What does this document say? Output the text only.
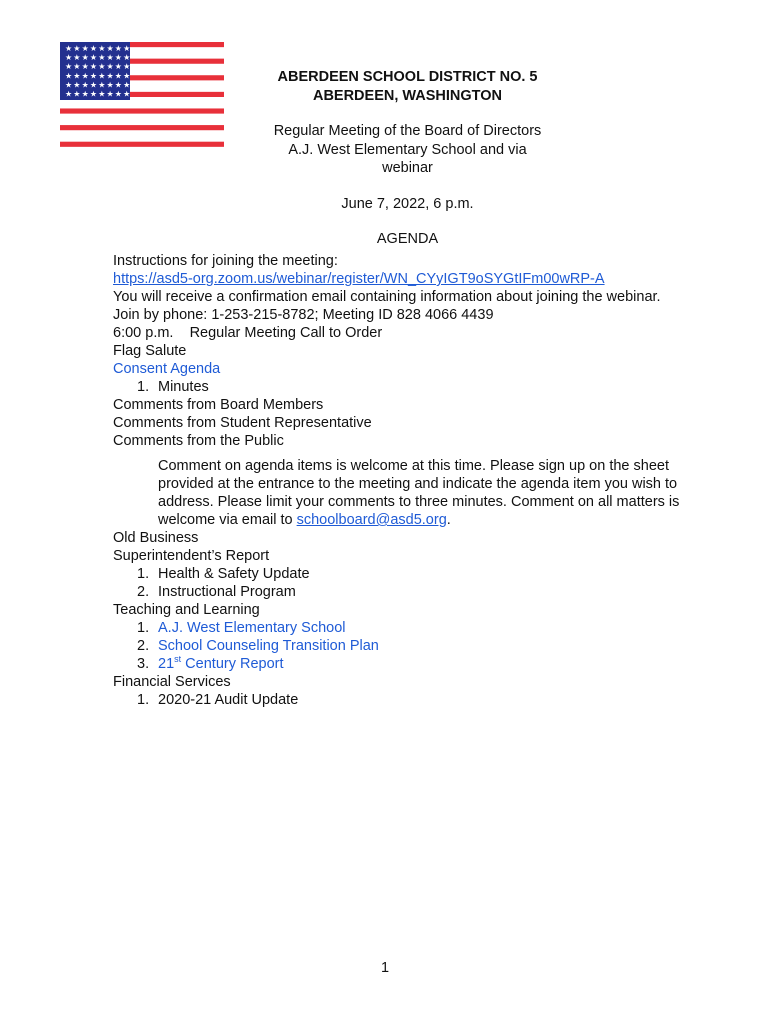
★ ★ ★ ★ ★ ★ ★ ★
★ ★ ★ ★ ★ ★ ★ ★
★ ★ ★ ★ ★ ★ ★ ★
★ ★ ★ ★ ★ ★ ★ ★
★ ★ ★ ★ ★ ★ ★ ★
★ ★ ★ ★ ★ ★ ★ ★
ABERDEEN SCHOOL DISTRICT NO. 5
ABERDEEN, WASHINGTON
Regular Meeting of the Board of Directors
A.J. West Elementary School and via
webinar
June 7, 2022, 6 p.m.
AGENDA

Instructions for joining the meeting:

https://asd5-org.zoom.us/webinar/register/WN_CYyIGT9oSYGtIFm00wRP-A

You will receive a confirmation email containing information about joining the webinar.

Join by phone: 1-253-215-8782; Meeting ID 828 4066 4439

6:00 p.m. Regular Meeting Call to Order

Flag Salute

Consent Agenda

1. Minutes

Comments from Board Members

Comments from Student Representative

Comments from the Public

Comment on agenda items is welcome at this time. Please sign up on the sheet
provided at the entrance to the meeting and indicate the agenda item you wish to
address. Please limit your comments to three minutes. Comment on all matters is
welcome via email to schoolboard@asd5.org.

Old Business

Superintendent’s Report

1. Health & Safety Update

2. Instructional Program

Teaching and Learning

1. A.J. West Elementary School

2. School Counseling Transition Plan

3. 21st Century Report

Financial Services

1. 2020-21 Audit Update

1
